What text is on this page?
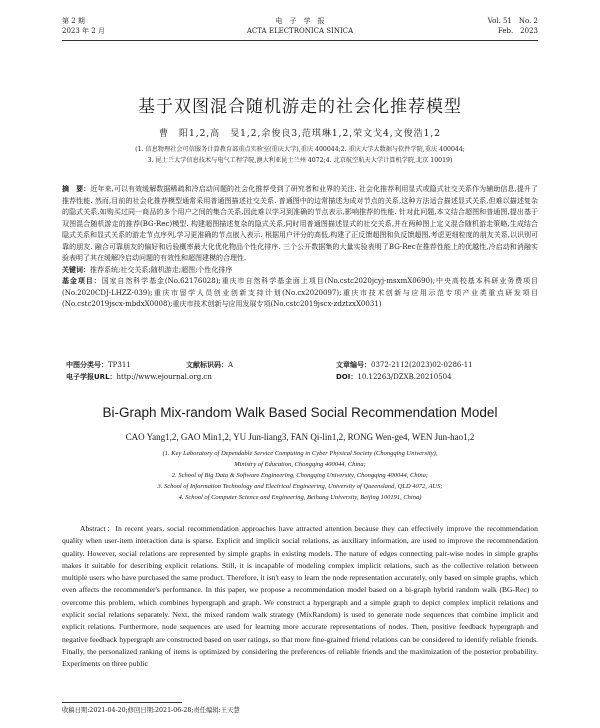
第 2 期
2023 年 2 月
电　子　学　报
ACTA ELECTRONICA SINICA
Vol. 51　No. 2
Feb.　2023
基于双图混合随机游走的社会化推荐模型
曹　阳1,2,高　旻1,2,余俊良3,范琪琳1,2,荣文戈4,文俊浩1,2
(1. 信息物理社会可信服务计算教育部重点实验室(重庆大学),重庆 400044;2. 重庆大学大数据与软件学院,重庆 400044;
3. 昆士兰大学信息技术与电气工程学院,澳大利亚昆士兰州 4072;4. 北京航空航天大学计算机学院,北京 10019)
摘　要：近年来,可以有效缓解数据稀疏和冷启动问题的社会化推荐受到了研究者和业界的关注. 社会化推荐利用显式或隐式社交关系作为辅助信息,提升了推荐性能. 然而,目前的社会化推荐模型通常采用普通图描述社交关系. 普通图中的边常描述为成对节点的关系,这种方法适合描述显式关系,但难以描述复杂的隐式关系,如购买过同一商品的多个用户之间的集合关系,因此难以学习到准确的节点表示,影响推荐的性能. 针对此问题,本文结合超图和普通图,提出基于双图混合随机游走的推荐(BG-Rec)模型. 构建超图描述复杂的隐式关系,同时用普通图描述显式的社交关系,并在两种图上定义混合随机游走策略,生成结合隐式关系和显式关系的游走节点序列,学习更准确的节点嵌入表示. 根据用户评分的高低,构建了正反馈超图和负反馈超图,考虑更细粒度的朋友关系,以识别可靠的朋友. 融合可靠朋友的偏好和后验概率最大化优化物品个性化排序. 三个公开数据集的大量实验表明了BG-Rec在推荐性能上的优越性,冷启动和消融实验表明了其在缓解冷启动问题的有效性和超图建模的合理性.
关键词：推荐系统;社交关系;随机游走;超图;个性化排序
基金项目：国家自然科学基金(No.62176028);重庆市自然科学基金面上项目(No.cstc2020jcyj-msxmX0690);中央高校基本科研业务费项目(No.2020CDJ-LHZZ-039);重庆市留学人员创业创新支持计划(No.cx2020097);重庆市技术创新与应用示范专项产业类重点研发项目(No.cstc2019jscx-mbdxX0008);重庆市技术创新与应用发展专项(No.cstc2019jscx-zdztzxX0031)
中图分类号：TP311	文献标识码：A	文章编号：0372-2112(2023)02-0286-11
电子学报URL：http://www.ejournal.org.cn	DOI：10.12263/DZXB.20210504
Bi-Graph Mix-random Walk Based Social Recommendation Model
CAO Yang1,2, GAO Min1,2, YU Jun-liang3, FAN Qi-lin1,2, RONG Wen-ge4, WEN Jun-hao1,2
(1. Key Laboratory of Dependable Service Computing in Cyber Physical Society (Chongqing University),
Ministry of Education, Chongqing 400044, China;
2. School of Big Data & Software Engineering, Chongqing University, Chongqing 400044, China;
3. School of Information Technology and Electrical Engineering, University of Queensland, QLD 4072, AUS;
4. School of Computer Science and Engineering, Beihang University, Beijing 100191, China)
Abstract：In recent years, social recommendation approaches have attracted attention because they can effectively improve the recommendation quality when user-item interaction data is sparse. Explicit and implicit social relations, as auxiliary information, are used to improve the recommendation quality. However, social relations are represented by simple graphs in existing models. The nature of edges connecting pair-wise nodes in simple graphs makes it suitable for describing explicit relations. Still, it is incapable of modeling complex implicit relations, such as the collective relation between multiple users who have purchased the same product. Therefore, it isn't easy to learn the node representation accurately, only based on simple graphs, which even affects the recommender's performance. In this paper, we propose a recommendation model based on a bi-graph hybrid random walk (BG-Rec) to overcome this problem, which combines hypergraph and graph. We construct a hypergraph and a simple graph to depict complex implicit relations and explicit social relations separately. Next, the mixed random walk strategy (MixRandom) is used to generate node sequences that combine implicit and explicit relations. Furthermore, node sequences are used for learning more accurate representations of nodes. Then, positive feedback hypergraph and negative feedback hypergraph are constructed based on user ratings, so that more fine-grained friend relations can be considered to identify reliable friends. Finally, the personalized ranking of items is optimized by considering the preferences of reliable friends and the maximization of the posterior probability. Experiments on three public
收稿日期:2021-04-20;修回日期:2021-06-28;责任编辑:王天慧
